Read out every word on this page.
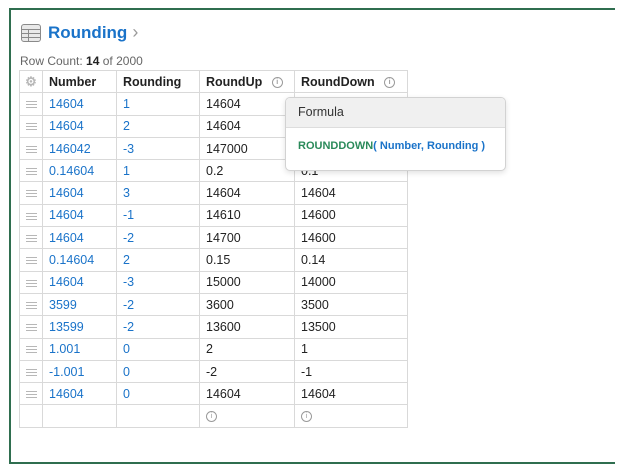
Rounding ›
Row Count: 14 of 2000
⚙	Number	Rounding	RoundUp i	RoundDown i
	14604	1	14604	
	14604	2	14604	
	146042	-3	147000	
	0.14604	1	0.2	
	14604	3	14604	14604
	14604	-1	14610	14600
	14604	-2	14700	14600
	0.14604	2	0.15	0.14
	14604	-3	15000	14000
	3599	-2	3600	3500
	13599	-2	13600	13500
	1.001	0	2	1
	-1.001	0	-2	-1
	14604	0	14604	14604
			i	i
Formula
ROUNDDOWN( Number, Rounding )
